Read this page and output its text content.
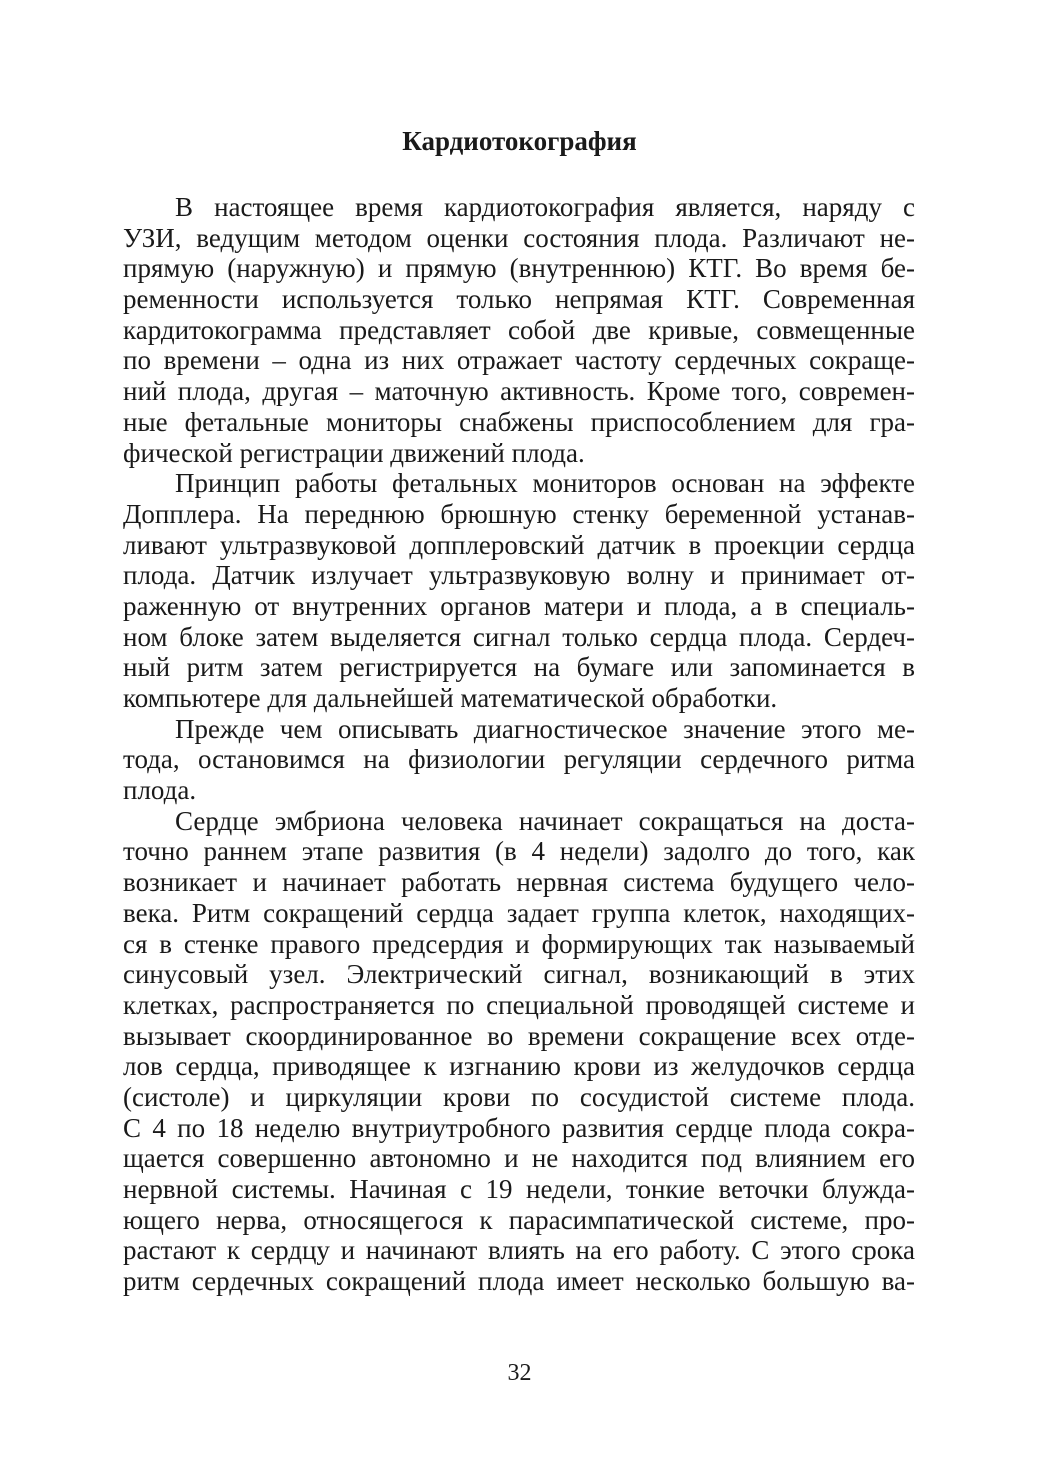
Кардиотокография
В настоящее время кардиотокография является, наряду с
УЗИ, ведущим методом оценки состояния плода. Различают не-
прямую (наружную) и прямую (внутреннюю) КТГ. Во время бе-
ременности используется только непрямая КТГ. Современная
кардитокограмма представляет собой две кривые, совмещенные
по времени – одна из них отражает частоту сердечных сокраще-
ний плода, другая – маточную активность. Кроме того, современ-
ные фетальные мониторы снабжены приспособлением для гра-
фической регистрации движений плода.
Принцип работы фетальных мониторов основан на эффекте
Допплера. На переднюю брюшную стенку беременной устанав-
ливают ультразвуковой допплеровский датчик в проекции сердца
плода. Датчик излучает ультразвуковую волну и принимает от-
раженную от внутренних органов матери и плода, а в специаль-
ном блоке затем выделяется сигнал только сердца плода. Сердеч-
ный ритм затем регистрируется на бумаге или запоминается в
компьютере для дальнейшей математической обработки.
Прежде чем описывать диагностическое значение этого ме-
тода, остановимся на физиологии регуляции сердечного ритма
плода.
Сердце эмбриона человека начинает сокращаться на доста-
точно раннем этапе развития (в 4 недели) задолго до того, как
возникает и начинает работать нервная система будущего чело-
века. Ритм сокращений сердца задает группа клеток, находящих-
ся в стенке правого предсердия и формирующих так называемый
синусовый узел. Электрический сигнал, возникающий в этих
клетках, распространяется по специальной проводящей системе и
вызывает скоординированное во времени сокращение всех отде-
лов сердца, приводящее к изгнанию крови из желудочков сердца
(систоле) и циркуляции крови по сосудистой системе плода.
С 4 по 18 неделю внутриутробного развития сердце плода сокра-
щается совершенно автономно и не находится под влиянием его
нервной системы. Начиная с 19 недели, тонкие веточки блужда-
ющего нерва, относящегося к парасимпатической системе, про-
растают к сердцу и начинают влиять на его работу. С этого срока
ритм сердечных сокращений плода имеет несколько большую ва-

32
